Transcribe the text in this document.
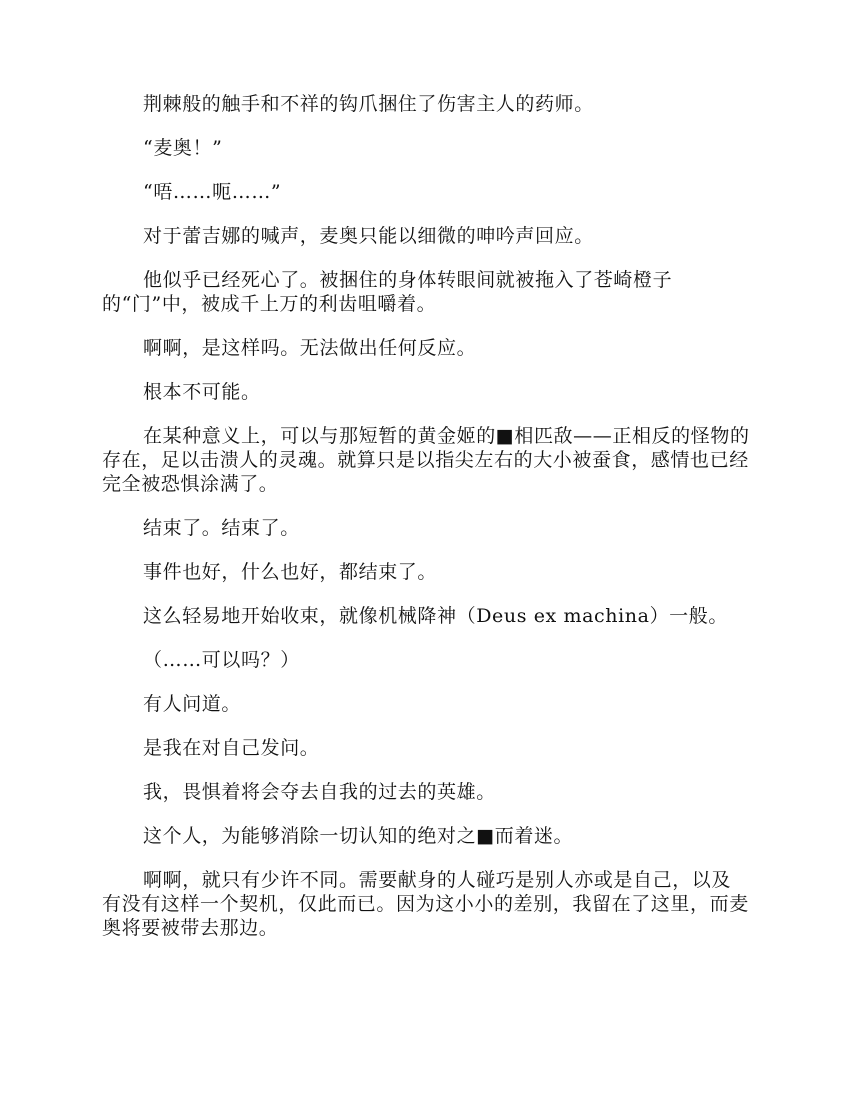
荆棘般的触手和不祥的钩爪捆住了伤害主人的药师。

“麦奥！”

“唔……呃……”

对于蕾吉娜的喊声，麦奥只能以细微的呻吟声回应。

他似乎已经死心了。被捆住的身体转眼间就被拖入了苍崎橙子的“门”中，被成千上万的利齿咀嚼着。

啊啊，是这样吗。无法做出任何反应。

根本不可能。

在某种意义上，可以与那短暂的黄金姬的■相匹敌——正相反的怪物的存在，足以击溃人的灵魂。就算只是以指尖左右的大小被蚕食，感情也已经完全被恐惧涂满了。

结束了。结束了。

事件也好，什么也好，都结束了。

这么轻易地开始收束，就像机械降神（Deus ex machina）一般。

（……可以吗？）

有人问道。

是我在对自己发问。

我，畏惧着将会夺去自我的过去的英雄。

这个人，为能够消除一切认知的绝对之■而着迷。

啊啊，就只有少许不同。需要献身的人碰巧是别人亦或是自己，以及有没有这样一个契机，仅此而已。因为这小小的差别，我留在了这里，而麦奥将要被带去那边。
